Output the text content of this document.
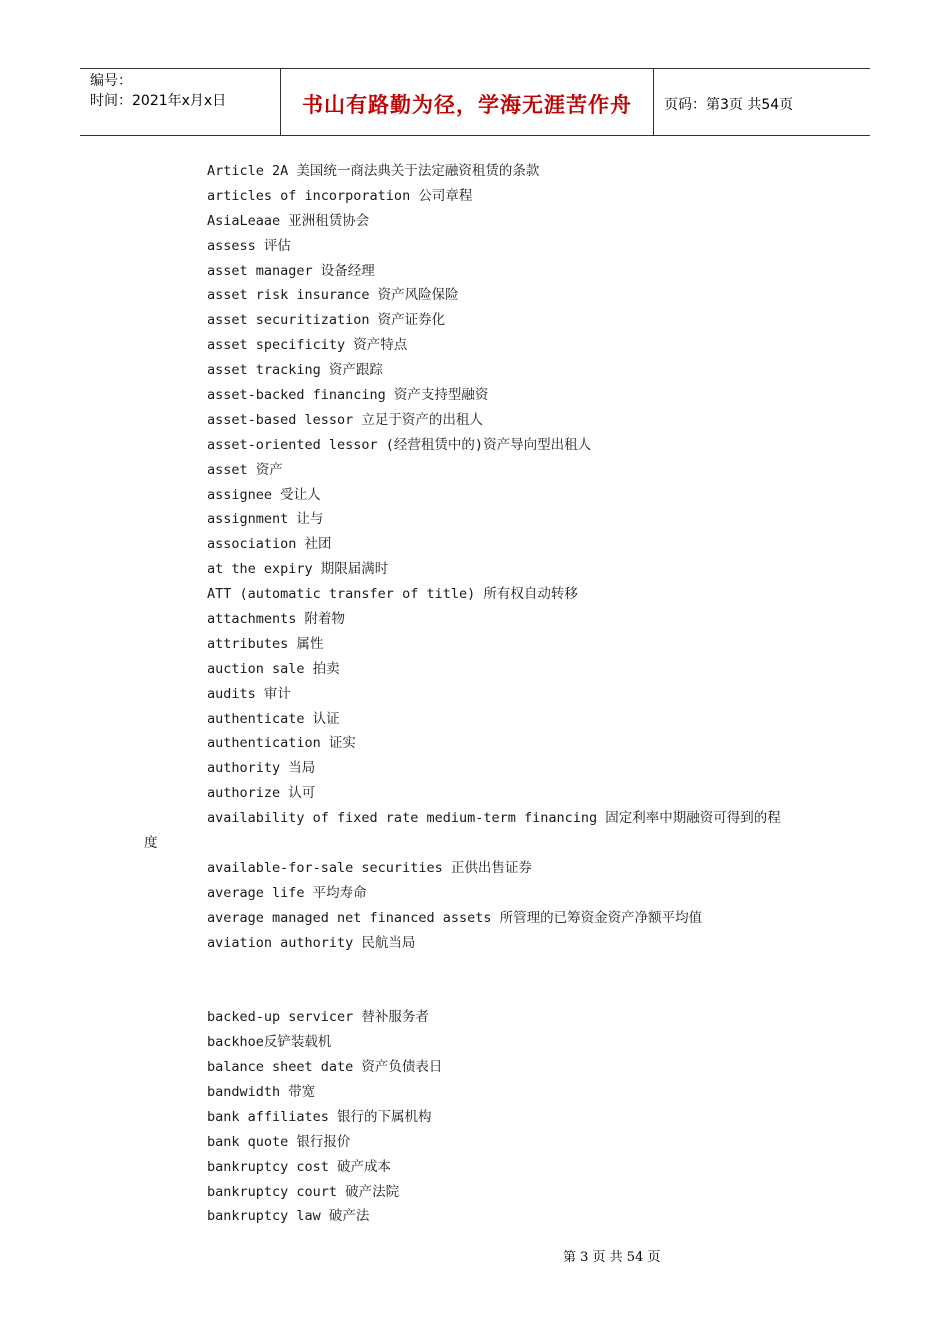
编号：
时间：2021年x月x日	书山有路勤为径，学海无涯苦作舟	页码：第3页 共54页
Article 2A 美国统一商法典关于法定融资租赁的条款
articles of incorporation 公司章程
AsiaLeaae 亚洲租赁协会
assess 评估
asset manager 设备经理
asset risk insurance 资产风险保险
asset securitization 资产证券化
asset specificity 资产特点
asset tracking 资产跟踪
asset-backed financing 资产支持型融资
asset-based lessor 立足于资产的出租人
asset-oriented lessor (经营租赁中的)资产导向型出租人
asset 资产
assignee 受让人
assignment 让与
association 社团
at the expiry 期限届满时
ATT (automatic transfer of title) 所有权自动转移
attachments 附着物
attributes 属性
auction sale 拍卖
audits 审计
authenticate 认证
authentication 证实
authority 当局
authorize 认可
availability of fixed rate medium-term financing 固定利率中期融资可得到的程
度
available-for-sale securities 正供出售证券
average life 平均寿命
average managed net financed assets 所管理的已筹资金资产净额平均值
aviation authority 民航当局
backed-up servicer 替补服务者
backhoe反铲装载机
balance sheet date 资产负债表日
bandwidth 带宽
bank affiliates 银行的下属机构
bank quote 银行报价
bankruptcy cost 破产成本
bankruptcy court 破产法院
bankruptcy law 破产法
第 3 页 共 54 页
